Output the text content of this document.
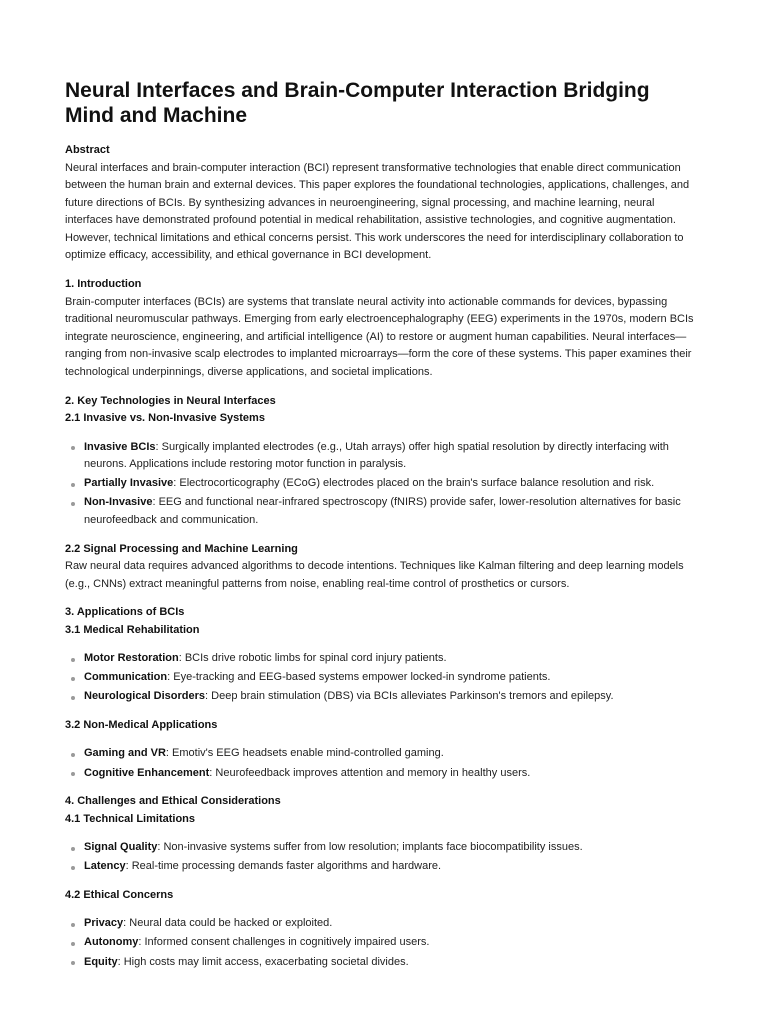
Neural Interfaces and Brain-Computer Interaction Bridging Mind and Machine
Abstract

Neural interfaces and brain-computer interaction (BCI) represent transformative technologies that enable direct communication between the human brain and external devices. This paper explores the foundational technologies, applications, challenges, and future directions of BCIs. By synthesizing advances in neuroengineering, signal processing, and machine learning, neural interfaces have demonstrated profound potential in medical rehabilitation, assistive technologies, and cognitive augmentation. However, technical limitations and ethical concerns persist. This work underscores the need for interdisciplinary collaboration to optimize efficacy, accessibility, and ethical governance in BCI development.

1. Introduction

Brain-computer interfaces (BCIs) are systems that translate neural activity into actionable commands for devices, bypassing traditional neuromuscular pathways. Emerging from early electroencephalography (EEG) experiments in the 1970s, modern BCIs integrate neuroscience, engineering, and artificial intelligence (AI) to restore or augment human capabilities. Neural interfaces—ranging from non-invasive scalp electrodes to implanted microarrays—form the core of these systems. This paper examines their technological underpinnings, diverse applications, and societal implications.

2. Key Technologies in Neural Interfaces
2.1 Invasive vs. Non-Invasive Systems
Invasive BCIs: Surgically implanted electrodes (e.g., Utah arrays) offer high spatial resolution by directly interfacing with neurons. Applications include restoring motor function in paralysis.
Partially Invasive: Electrocorticography (ECoG) electrodes placed on the brain's surface balance resolution and risk.
Non-Invasive: EEG and functional near-infrared spectroscopy (fNIRS) provide safer, lower-resolution alternatives for basic neurofeedback and communication.
2.2 Signal Processing and Machine Learning

Raw neural data requires advanced algorithms to decode intentions. Techniques like Kalman filtering and deep learning models (e.g., CNNs) extract meaningful patterns from noise, enabling real-time control of prosthetics or cursors.

3. Applications of BCIs
3.1 Medical Rehabilitation
Motor Restoration: BCIs drive robotic limbs for spinal cord injury patients.
Communication: Eye-tracking and EEG-based systems empower locked-in syndrome patients.
Neurological Disorders: Deep brain stimulation (DBS) via BCIs alleviates Parkinson's tremors and epilepsy.
3.2 Non-Medical Applications
Gaming and VR: Emotiv's EEG headsets enable mind-controlled gaming.
Cognitive Enhancement: Neurofeedback improves attention and memory in healthy users.
4. Challenges and Ethical Considerations
4.1 Technical Limitations
Signal Quality: Non-invasive systems suffer from low resolution; implants face biocompatibility issues.
Latency: Real-time processing demands faster algorithms and hardware.
4.2 Ethical Concerns
Privacy: Neural data could be hacked or exploited.
Autonomy: Informed consent challenges in cognitively impaired users.
Equity: High costs may limit access, exacerbating societal divides.
